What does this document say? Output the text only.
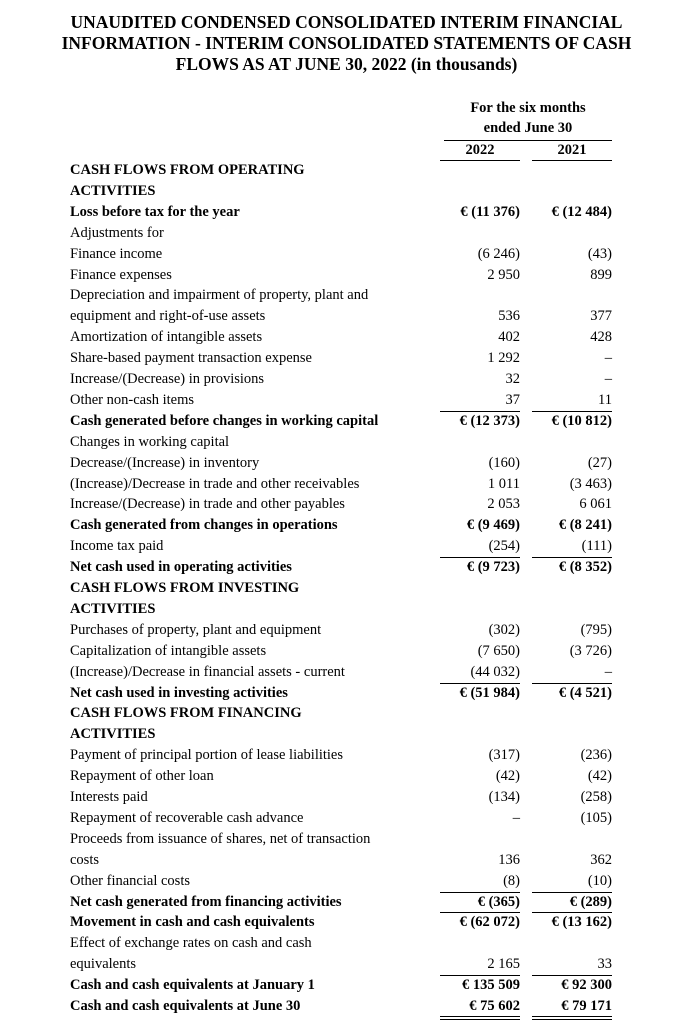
UNAUDITED CONDENSED CONSOLIDATED INTERIM FINANCIAL
INFORMATION - INTERIM CONSOLIDATED STATEMENTS OF CASH
FLOWS AS AT JUNE 30, 2022 (in thousands)
For the six months
ended June 30
2022	2021
CASH FLOWS FROM OPERATING
ACTIVITIES
Loss before tax for the year	€ (11 376)	€ (12 484)
Adjustments for
Finance income	(6 246)	(43)
Finance expenses	2 950	899
Depreciation and impairment of property, plant and
equipment and right-of-use assets	536	377
Amortization of intangible assets	402	428
Share-based payment transaction expense	1 292	–
Increase/(Decrease) in provisions	32	–
Other non-cash items	37	11
Cash generated before changes in working capital	€ (12 373)	€ (10 812)
Changes in working capital
Decrease/(Increase) in inventory	(160)	(27)
(Increase)/Decrease in trade and other receivables	1 011	(3 463)
Increase/(Decrease) in trade and other payables	2 053	6 061
Cash generated from changes in operations	€ (9 469)	€ (8 241)
Income tax paid	(254)	(111)
Net cash used in operating activities	€ (9 723)	€ (8 352)
CASH FLOWS FROM INVESTING
ACTIVITIES
Purchases of property, plant and equipment	(302)	(795)
Capitalization of intangible assets	(7 650)	(3 726)
(Increase)/Decrease in financial assets - current	(44 032)	–
Net cash used in investing activities	€ (51 984)	€ (4 521)
CASH FLOWS FROM FINANCING
ACTIVITIES
Payment of principal portion of lease liabilities	(317)	(236)
Repayment of other loan	(42)	(42)
Interests paid	(134)	(258)
Repayment of recoverable cash advance	–	(105)
Proceeds from issuance of shares, net of transaction
costs	136	362
Other financial costs	(8)	(10)
Net cash generated from financing activities	€ (365)	€ (289)
Movement in cash and cash equivalents	€ (62 072)	€ (13 162)
Effect of exchange rates on cash and cash
equivalents	2 165	33
Cash and cash equivalents at January 1	€ 135 509	€ 92 300
Cash and cash equivalents at June 30	€ 75 602	€ 79 171
